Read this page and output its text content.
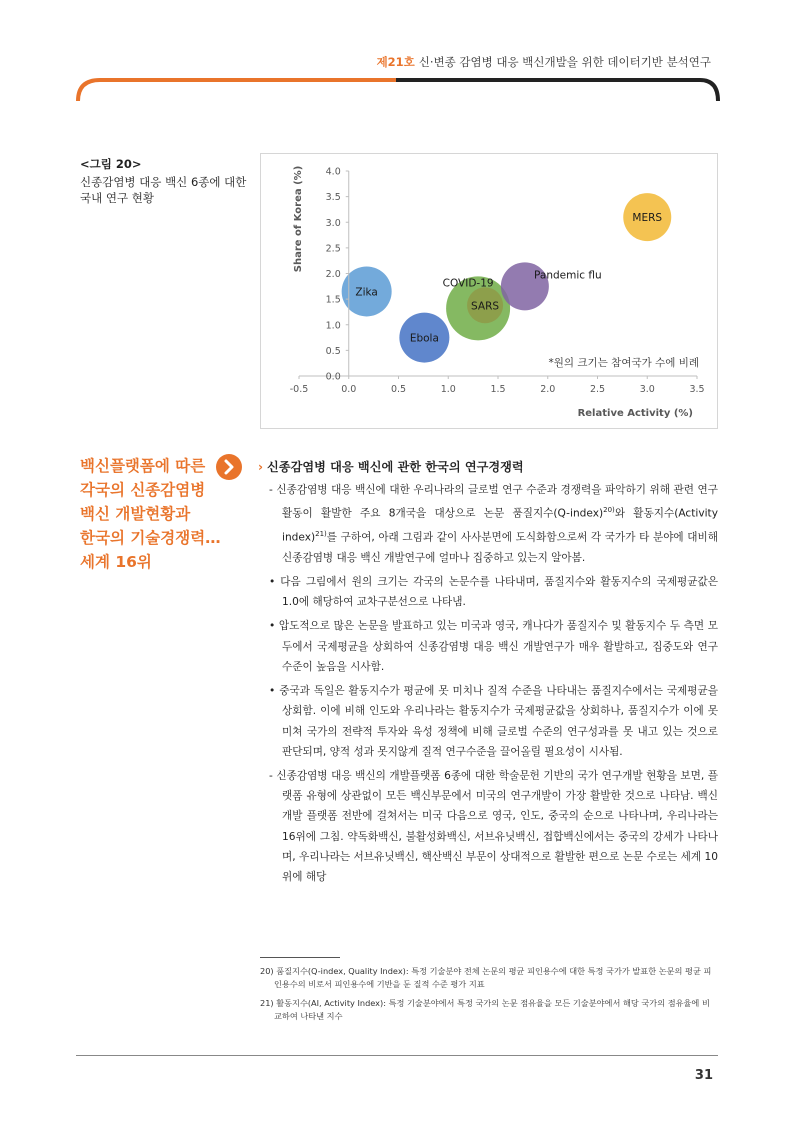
제21호 신·변종 감염병 대응 백신개발을 위한 데이터기반 분석연구
<그림 20>
신종감염병 대응 백신 6종에 대한 국내 연구 현황
Zika
COVID-19
Pandemic flu
SARS
Ebola
MERS
-0.5	0.0	0.5	1.0	1.5	2.0	2.5	3.0	3.5
0.0
0.5
1.0
1.5
2.0
2.5
3.0
3.5
4.0
Share of Korea (%)
Relative Activity (%)
*원의 크기는 참여국가 수에 비례
백신플랫폼에 따른
각국의 신종감염병
백신 개발현황과
한국의 기술경쟁력…
세계 16위
› 신종감염병 대응 백신에 관한 한국의 연구경쟁력

- 신종감염병 대응 백신에 대한 우리나라의 글로벌 연구 수준과 경쟁력을 파악하기 위해 관련 연구활동이 활발한 주요 8개국을 대상으로 논문 품질지수(Q-index)$^{20)}$와 활동지수(Activity index)$^{21)}$를 구하여, 아래 그림과 같이 사사분면에 도식화함으로써 각 국가가 타 분야에 대비해 신종감염병 대응 백신 개발연구에 얼마나 집중하고 있는지 알아봄.

• 다음 그림에서 원의 크기는 각국의 논문수를 나타내며, 품질지수와 활동지수의 국제평균값은 1.0에 해당하여 교차구분선으로 나타냄.

• 압도적으로 많은 논문을 발표하고 있는 미국과 영국, 캐나다가 품질지수 및 활동지수 두 측면 모두에서 국제평균을 상회하여 신종감염병 대응 백신 개발연구가 매우 활발하고, 집중도와 연구수준이 높음을 시사함.

• 중국과 독일은 활동지수가 평균에 못 미치나 질적 수준을 나타내는 품질지수에서는 국제평균을 상회함. 이에 비해 인도와 우리나라는 활동지수가 국제평균값을 상회하나, 품질지수가 이에 못 미쳐 국가의 전략적 투자와 육성 정책에 비해 글로벌 수준의 연구성과를 못 내고 있는 것으로 판단되며, 양적 성과 못지않게 질적 연구수준을 끌어올릴 필요성이 시사됨.

- 신종감염병 대응 백신의 개발플랫폼 6종에 대한 학술문헌 기반의 국가 연구개발 현황을 보면, 플랫폼 유형에 상관없이 모든 백신부문에서 미국의 연구개발이 가장 활발한 것으로 나타남. 백신개발 플랫폼 전반에 걸쳐서는 미국 다음으로 영국, 인도, 중국의 순으로 나타나며, 우리나라는 16위에 그침. 약독화백신, 불활성화백신, 서브유닛백신, 접합백신에서는 중국의 강세가 나타나며, 우리나라는 서브유닛백신, 핵산백신 부문이 상대적으로 활발한 편으로 논문 수로는 세계 10위에 해당

20) 품질지수(Q-index, Quality Index): 특정 기술분야 전체 논문의 평균 피인용수에 대한 특정 국가가 발표한 논문의 평균 피인용수의 비로서 피인용수에 기반을 둔 질적 수준 평가 지표

21) 활동지수(AI, Activity Index): 특정 기술분야에서 특정 국가의 논문 점유율을 모든 기술분야에서 해당 국가의 점유율에 비교하여 나타낸 지수

31
